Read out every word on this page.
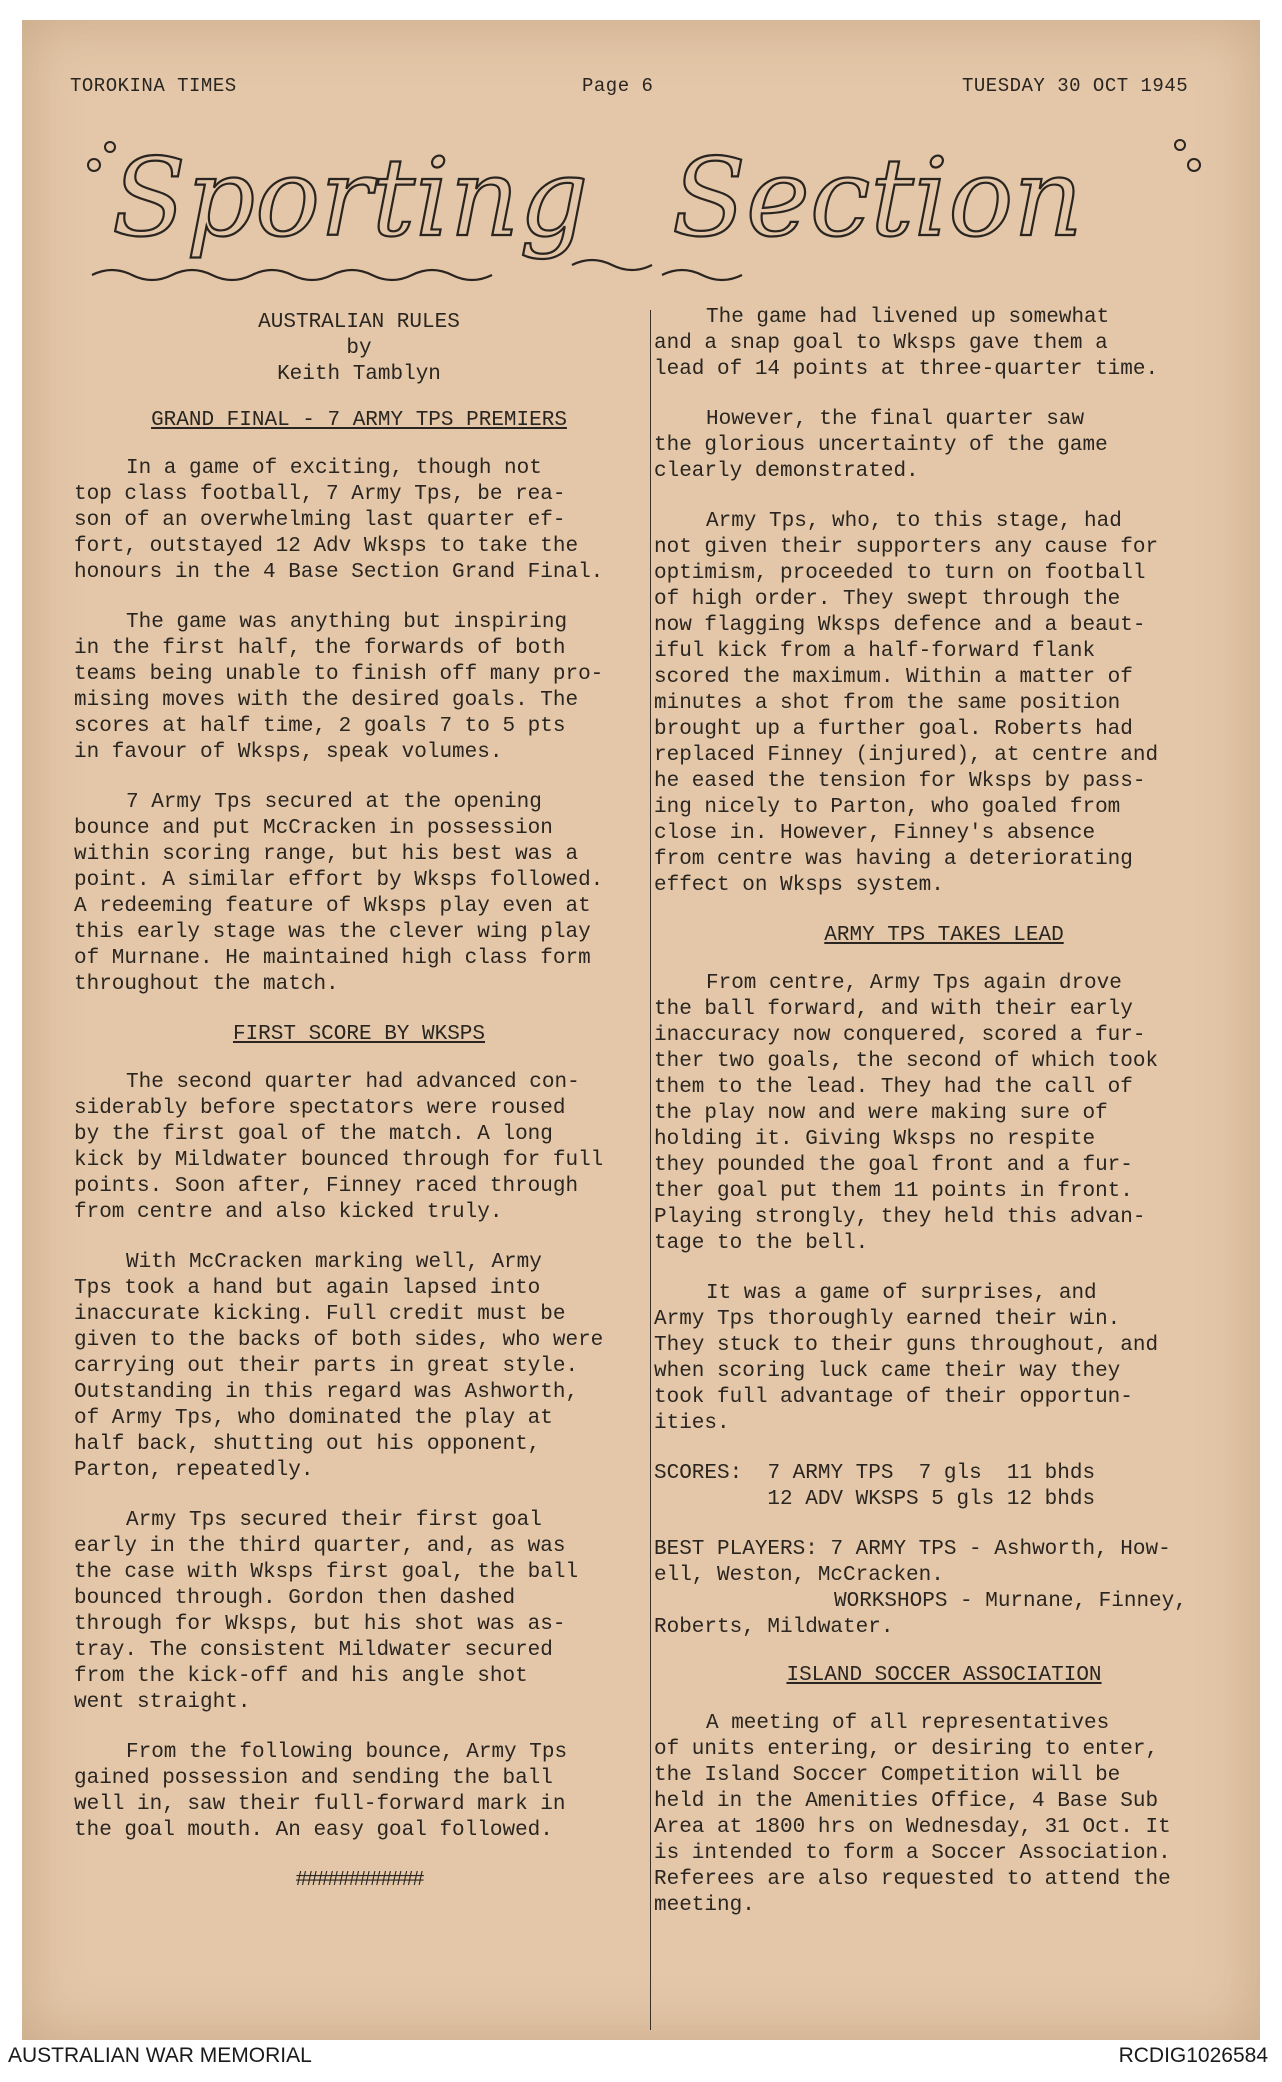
TOROKINA TIMES	Page 6	TUESDAY 30 OCT 1945
Sporting Section
AUSTRALIAN RULES
by
Keith Tamblyn
GRAND FINAL - 7 ARMY TPS PREMIERS

In a game of exciting, though not
top class football, 7 Army Tps, be rea-
son of an overwhelming last quarter ef-
fort, outstayed 12 Adv Wksps to take the
honours in the 4 Base Section Grand Final.

The game was anything but inspiring
in the first half, the forwards of both
teams being unable to finish off many pro-
mising moves with the desired goals. The
scores at half time, 2 goals 7 to 5 pts
in favour of Wksps, speak volumes.

7 Army Tps secured at the opening
bounce and put McCracken in possession
within scoring range, but his best was a
point. A similar effort by Wksps followed.
A redeeming feature of Wksps play even at
this early stage was the clever wing play
of Murnane. He maintained high class form
throughout the match.

FIRST SCORE BY WKSPS

The second quarter had advanced con-
siderably before spectators were roused
by the first goal of the match. A long
kick by Mildwater bounced through for full
points. Soon after, Finney raced through
from centre and also kicked truly.

With McCracken marking well, Army
Tps took a hand but again lapsed into
inaccurate kicking. Full credit must be
given to the backs of both sides, who were
carrying out their parts in great style.
Outstanding in this regard was Ashworth,
of Army Tps, who dominated the play at
half back, shutting out his opponent,
Parton, repeatedly.

Army Tps secured their first goal
early in the third quarter, and, as was
the case with Wksps first goal, the ball
bounced through. Gordon then dashed
through for Wksps, but his shot was as-
tray. The consistent Mildwater secured
from the kick-off and his angle shot
went straight.

From the following bounce, Army Tps
gained possession and sending the ball
well in, saw their full-forward mark in
the goal mouth. An easy goal followed.

############

The game had livened up somewhat
and a snap goal to Wksps gave them a
lead of 14 points at three-quarter time.

However, the final quarter saw
the glorious uncertainty of the game
clearly demonstrated.

Army Tps, who, to this stage, had
not given their supporters any cause for
optimism, proceeded to turn on football
of high order. They swept through the
now flagging Wksps defence and a beaut-
iful kick from a half-forward flank
scored the maximum. Within a matter of
minutes a shot from the same position
brought up a further goal. Roberts had
replaced Finney (injured), at centre and
he eased the tension for Wksps by pass-
ing nicely to Parton, who goaled from
close in. However, Finney's absence
from centre was having a deteriorating
effect on Wksps system.

ARMY TPS TAKES LEAD

From centre, Army Tps again drove
the ball forward, and with their early
inaccuracy now conquered, scored a fur-
ther two goals, the second of which took
them to the lead. They had the call of
the play now and were making sure of
holding it. Giving Wksps no respite
they pounded the goal front and a fur-
ther goal put them 11 points in front.
Playing strongly, they held this advan-
tage to the bell.

It was a game of surprises, and
Army Tps thoroughly earned their win.
They stuck to their guns throughout, and
when scoring luck came their way they
took full advantage of their opportun-
ities.

SCORES: 7 ARMY TPS  7 gls  11 bhds
12 ADV WKSPS 5 gls 12 bhds
BEST PLAYERS: 7 ARMY TPS - Ashworth, How-
ell, Weston, McCracken.
WORKSHOPS - Murnane, Finney,
Roberts, Mildwater.
ISLAND SOCCER ASSOCIATION

A meeting of all representatives
of units entering, or desiring to enter,
the Island Soccer Competition will be
held in the Amenities Office, 4 Base Sub
Area at 1800 hrs on Wednesday, 31 Oct. It
is intended to form a Soccer Association.
Referees are also requested to attend the
meeting.

AUSTRALIAN WAR MEMORIAL	RCDIG1026584
